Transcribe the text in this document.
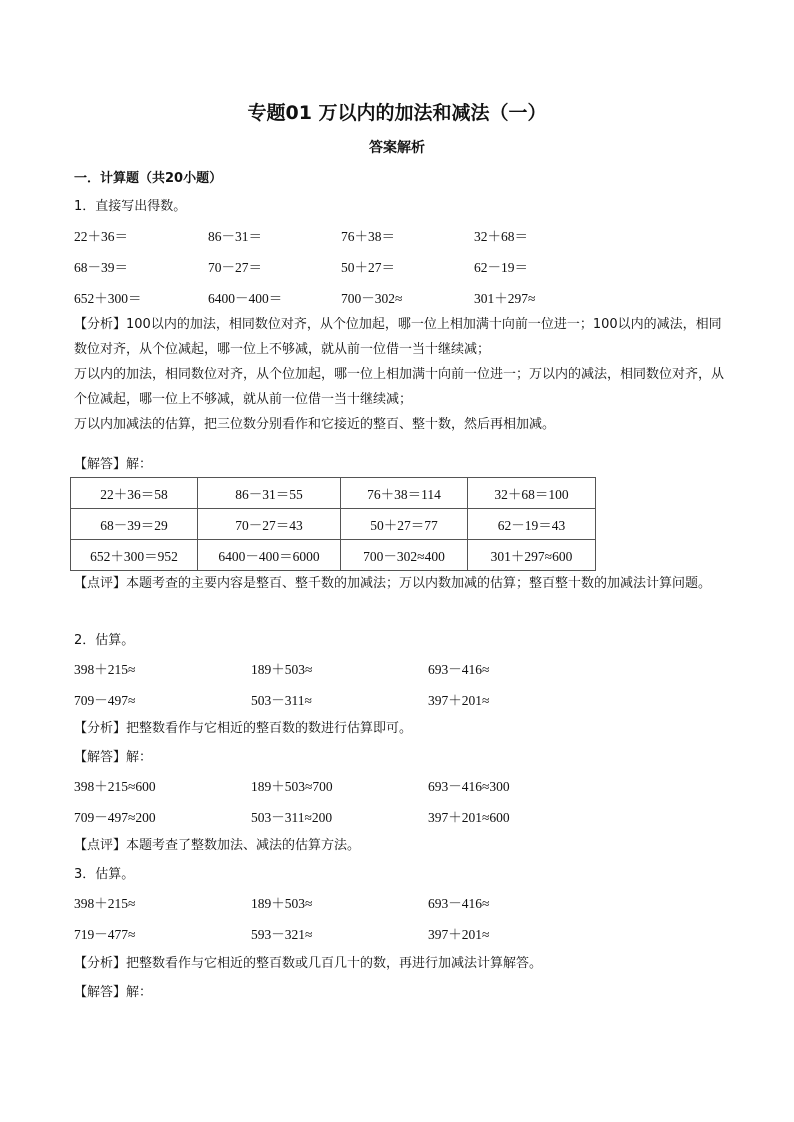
专题01 万以内的加法和减法（一）
答案解析
一．计算题（共20小题）
1．直接写出得数。
22＋36＝	86－31＝	76＋38＝	32＋68＝
68－39＝	70－27＝	50＋27＝	62－19＝
652＋300＝	6400－400＝	700－302≈	301＋297≈
【分析】100以内的加法，相同数位对齐，从个位加起，哪一位上相加满十向前一位进一；100以内的减法，相同数位对齐，从个位减起，哪一位上不够减，就从前一位借一当十继续减；
万以内的加法，相同数位对齐，从个位加起，哪一位上相加满十向前一位进一；万以内的减法，相同数位对齐，从个位减起，哪一位上不够减，就从前一位借一当十继续减；
万以内加减法的估算，把三位数分别看作和它接近的整百、整十数，然后再相加减。
【解答】解：
22＋36＝58	86－31＝55	76＋38＝114	32＋68＝100
68－39＝29	70－27＝43	50＋27＝77	62－19＝43
652＋300＝952	6400－400＝6000	700－302≈400	301＋297≈600
【点评】本题考查的主要内容是整百、整千数的加减法；万以内数加减的估算；整百整十数的加减法计算问题。
2．估算。
398＋215≈	189＋503≈	693－416≈
709－497≈	503－311≈	397＋201≈
【分析】把整数看作与它相近的整百数的数进行估算即可。
【解答】解：
398＋215≈600	189＋503≈700	693－416≈300
709－497≈200	503－311≈200	397＋201≈600
【点评】本题考查了整数加法、减法的估算方法。
3．估算。
398＋215≈	189＋503≈	693－416≈
719－477≈	593－321≈	397＋201≈
【分析】把整数看作与它相近的整百数或几百几十的数，再进行加减法计算解答。
【解答】解：
